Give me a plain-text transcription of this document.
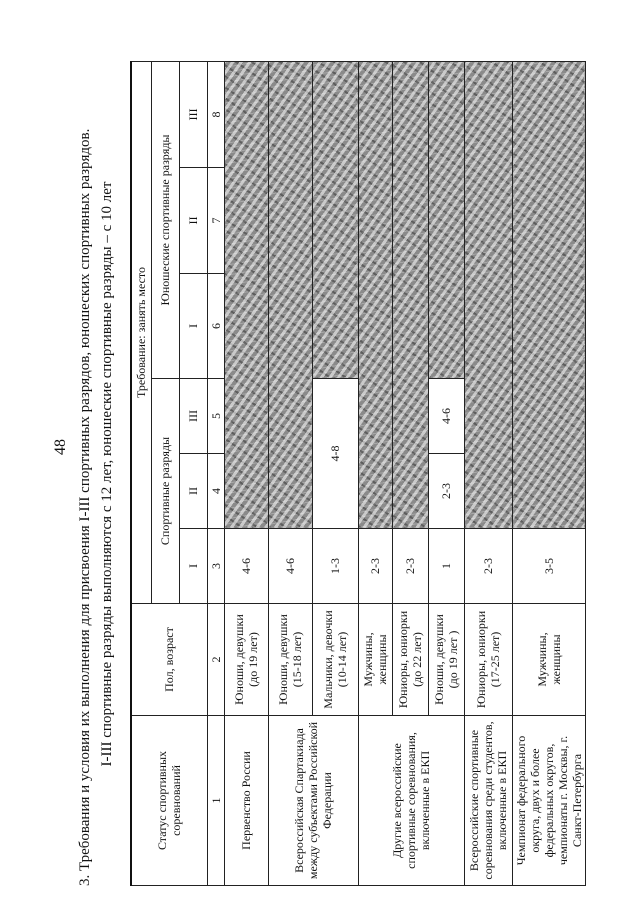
48 3. Требования и условия их выполнения для присвоения I-III спортивных разрядов, юношеских спортивных разрядов. I-III спортивные разряды выполняются с 12 лет, юношеские спортивные разряды – с 10 лет
Статус спортивных соревнований	Пол, возраст	Требование: занять место					
		Спортивные разряды			Юношеские спортивные разряды		
		I	II	III	I	II	III
1	2	3	4	5	6	7	8
Первенство России	Юноши, девушки (до 19 лет)	4-6					
Всероссийская Спартакиада между субъектами Российской Федерации	Юноши, девушки (15-18 лет)	4-6					
	Мальчики, девочки (10-14 лет)	1-3	4-8				
Другие всероссийские спортивные соревнования, включенные в ЕКП	Мужчины, женщины	2-3					
	Юниоры, юниорки (до 22 лет)	2-3					
	Юноши, девушки (до 19 лет )	1	2-3	4-6			
Всероссийские спортивные соревнования среди студентов, включенные в ЕКП	Юниоры, юниорки (17-25 лет)	2-3					
Чемпионат федерального округа, двух и более федеральных округов, чемпионаты г. Москвы, г. Санкт-Петербурга	Мужчины, женщины	3-5					
